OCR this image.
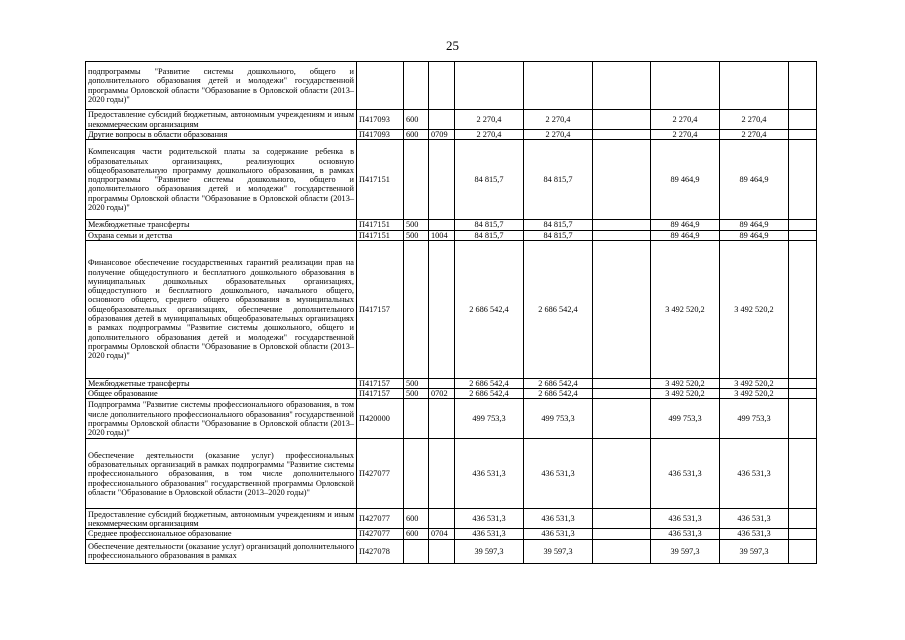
25
подпрограммы "Развитие системы дошкольного, общего и дополнительного образования детей и молодежи" государственной программы Орловской области "Образование в Орловской области (2013–2020 годы)"									
Предоставление субсидий бюджетным, автономным учреждениям и иным некоммерческим организациям	П417093	600		2 270,4	2 270,4		2 270,4	2 270,4	
Другие вопросы в области образования	П417093	600	0709	2 270,4	2 270,4		2 270,4	2 270,4	
Компенсация части родительской платы за содержание ребенка в образовательных организациях, реализующих основную общеобразовательную программу дошкольного образования, в рамках подпрограммы "Развитие системы дошкольного, общего и дополнительного образования детей и молодежи" государственной программы Орловской области "Образование в Орловской области (2013–2020 годы)"	П417151			84 815,7	84 815,7		89 464,9	89 464,9	
Межбюджетные трансферты	П417151	500		84 815,7	84 815,7		89 464,9	89 464,9	
Охрана семьи и детства	П417151	500	1004	84 815,7	84 815,7		89 464,9	89 464,9	
Финансовое обеспечение государственных гарантий реализации прав на получение общедоступного и бесплатного дошкольного образования в муниципальных дошкольных образовательных организациях, общедоступного и бесплатного дошкольного, начального общего, основного общего, среднего общего образования в муниципальных общеобразовательных организациях, обеспечение дополнительного образования детей в муниципальных общеобразовательных организациях в рамках подпрограммы "Развитие системы дошкольного, общего и дополнительного образования детей и молодежи" государственной программы Орловской области "Образование в Орловской области (2013–2020 годы)"	П417157			2 686 542,4	2 686 542,4		3 492 520,2	3 492 520,2	
Межбюджетные трансферты	П417157	500		2 686 542,4	2 686 542,4		3 492 520,2	3 492 520,2	
Общее образование	П417157	500	0702	2 686 542,4	2 686 542,4		3 492 520,2	3 492 520,2	
Подпрограмма "Развитие системы профессионального образования, в том числе дополнительного профессионального образования" государственной программы Орловской области "Образование в Орловской области (2013–2020 годы)"	П420000			499 753,3	499 753,3		499 753,3	499 753,3	
Обеспечение деятельности (оказание услуг) профессиональных образовательных организаций в рамках подпрограммы "Развитие системы профессионального образования, в том числе дополнительного профессионального образования" государственной программы Орловской области "Образование в Орловской области (2013–2020 годы)"	П427077			436 531,3	436 531,3		436 531,3	436 531,3	
Предоставление субсидий бюджетным, автономным учреждениям и иным некоммерческим организациям	П427077	600		436 531,3	436 531,3		436 531,3	436 531,3	
Среднее профессиональное образование	П427077	600	0704	436 531,3	436 531,3		436 531,3	436 531,3	
Обеспечение деятельности (оказание услуг) организаций дополнительного профессионального образования в рамках	П427078			39 597,3	39 597,3		39 597,3	39 597,3	
